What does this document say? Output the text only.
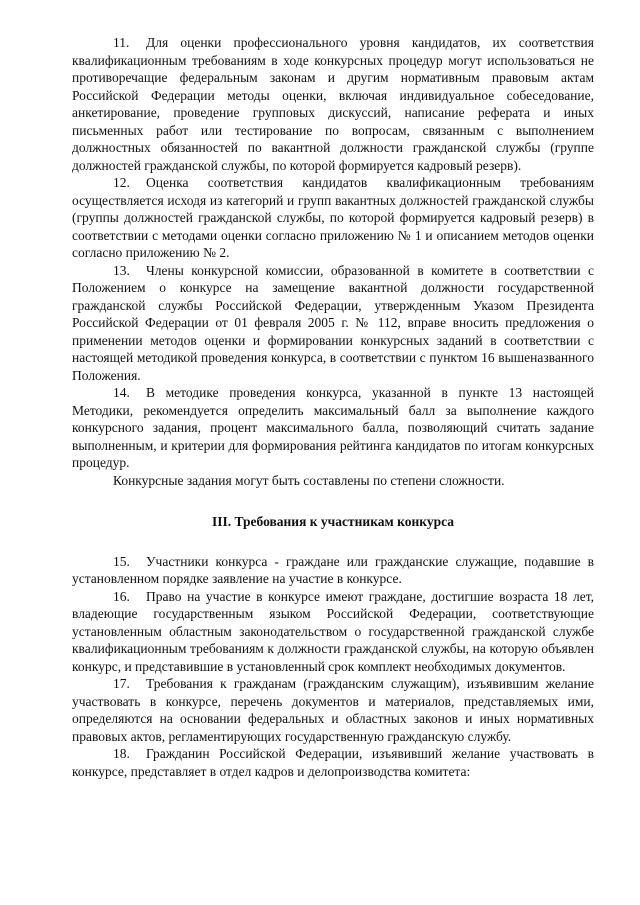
11. Для оценки профессионального уровня кандидатов, их соответствия квалификационным требованиям в ходе конкурсных процедур могут использоваться не противоречащие федеральным законам и другим нормативным правовым актам Российской Федерации методы оценки, включая индивидуальное собеседование, анкетирование, проведение групповых дискуссий, написание реферата и иных письменных работ или тестирование по вопросам, связанным с выполнением должностных обязанностей по вакантной должности гражданской службы (группе должностей гражданской службы, по которой формируется кадровый резерв).

12. Оценка соответствия кандидатов квалификационным требованиям осуществляется исходя из категорий и групп вакантных должностей гражданской службы (группы должностей гражданской службы, по которой формируется кадровый резерв) в соответствии с методами оценки согласно приложению № 1 и описанием методов оценки согласно приложению № 2.

13. Члены конкурсной комиссии, образованной в комитете в соответствии с Положением о конкурсе на замещение вакантной должности государственной гражданской службы Российской Федерации, утвержденным Указом Президента Российской Федерации от 01 февраля 2005 г. № 112, вправе вносить предложения о применении методов оценки и формировании конкурсных заданий в соответствии с настоящей методикой проведения конкурса, в соответствии с пунктом 16 вышеназванного Положения.

14. В методике проведения конкурса, указанной в пункте 13 настоящей Методики, рекомендуется определить максимальный балл за выполнение каждого конкурсного задания, процент максимального балла, позволяющий считать задание выполненным, и критерии для формирования рейтинга кандидатов по итогам конкурсных процедур.

Конкурсные задания могут быть составлены по степени сложности.

III. Требования к участникам конкурса

15. Участники конкурса - граждане или гражданские служащие, подавшие в установленном порядке заявление на участие в конкурсе.

16. Право на участие в конкурсе имеют граждане, достигшие возраста 18 лет, владеющие государственным языком Российской Федерации, соответствующие установленным областным законодательством о государственной гражданской службе квалификационным требованиям к должности гражданской службы, на которую объявлен конкурс, и представившие в установленный срок комплект необходимых документов.

17. Требования к гражданам (гражданским служащим), изъявившим желание участвовать в конкурсе, перечень документов и материалов, представляемых ими, определяются на основании федеральных и областных законов и иных нормативных правовых актов, регламентирующих государственную гражданскую службу.

18. Гражданин Российской Федерации, изъявивший желание участвовать в конкурсе, представляет в отдел кадров и делопроизводства комитета:
